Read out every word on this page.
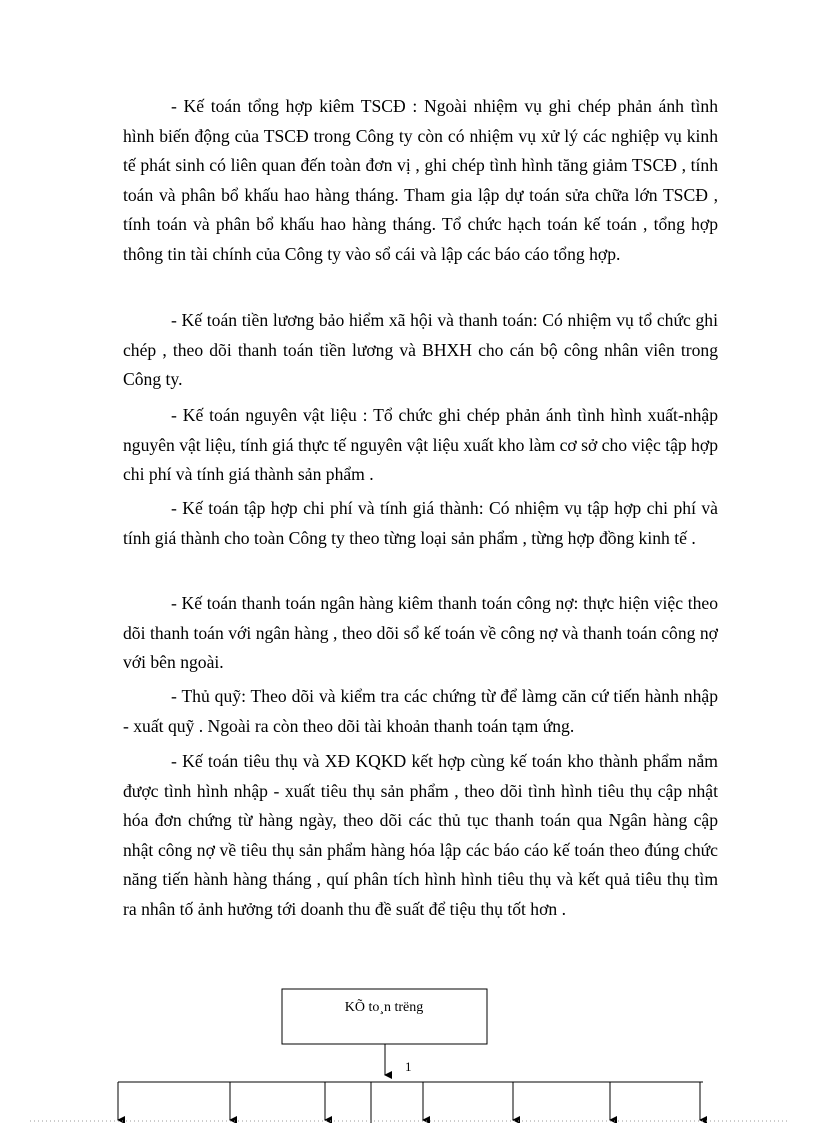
- Kế toán tổng hợp kiêm TSCĐ : Ngoài nhiệm vụ ghi chép phản ánh tình hình biến động của TSCĐ trong Công ty còn có nhiệm vụ xử lý các nghiệp vụ kinh tế phát sinh có liên quan đến toàn đơn vị , ghi chép tình hình tăng giảm TSCĐ , tính toán và phân bổ khấu hao hàng tháng. Tham gia lập dự toán sửa chữa lớn TSCĐ , tính toán và phân bổ khấu hao hàng tháng. Tổ chức hạch toán kế toán , tổng hợp thông tin tài chính của Công ty vào sổ cái và lập các báo cáo tổng hợp.

- Kế toán tiền lương bảo hiểm xã hội và thanh toán: Có nhiệm vụ tổ chức ghi chép , theo dõi thanh toán tiền lương và BHXH cho cán bộ công nhân viên trong Công ty.

- Kế toán nguyên vật liệu : Tổ chức ghi chép phản ánh tình hình xuất-nhập nguyên vật liệu, tính giá thực tế nguyên vật liệu xuất kho làm cơ sở cho việc tập hợp chi phí và tính giá thành sản phẩm .

- Kế toán tập hợp chi phí và tính giá thành: Có nhiệm vụ tập hợp chi phí và tính giá thành cho toàn Công ty theo từng loại sản phẩm , từng hợp đồng kinh tế .

- Kế toán thanh toán ngân hàng kiêm thanh toán công nợ: thực hiện việc theo dõi thanh toán với ngân hàng , theo dõi sổ kế toán về công nợ và thanh toán công nợ với bên ngoài.

- Thủ quỹ: Theo dõi và kiểm tra các chứng từ để làmg căn cứ tiến hành nhập - xuất quỹ . Ngoài ra còn theo dõi tài khoản thanh toán tạm ứng.

- Kế toán tiêu thụ và XĐ KQKD kết hợp cùng kế toán kho thành phẩm nắm được tình hình nhập - xuất tiêu thụ sản phẩm , theo dõi tình hình tiêu thụ cập nhật hóa đơn chứng từ hàng ngày, theo dõi các thủ tục thanh toán qua Ngân hàng cập nhật công nợ về tiêu thụ sản phẩm hàng hóa lập các báo cáo kế toán theo đúng chức năng tiến hành hàng tháng , quí phân tích hình hình tiêu thụ và kết quả tiêu thụ tìm ra nhân tố ảnh hưởng tới doanh thu đề suất để tiệu thụ tốt hơn .

KÕ to¸n trëng
1
